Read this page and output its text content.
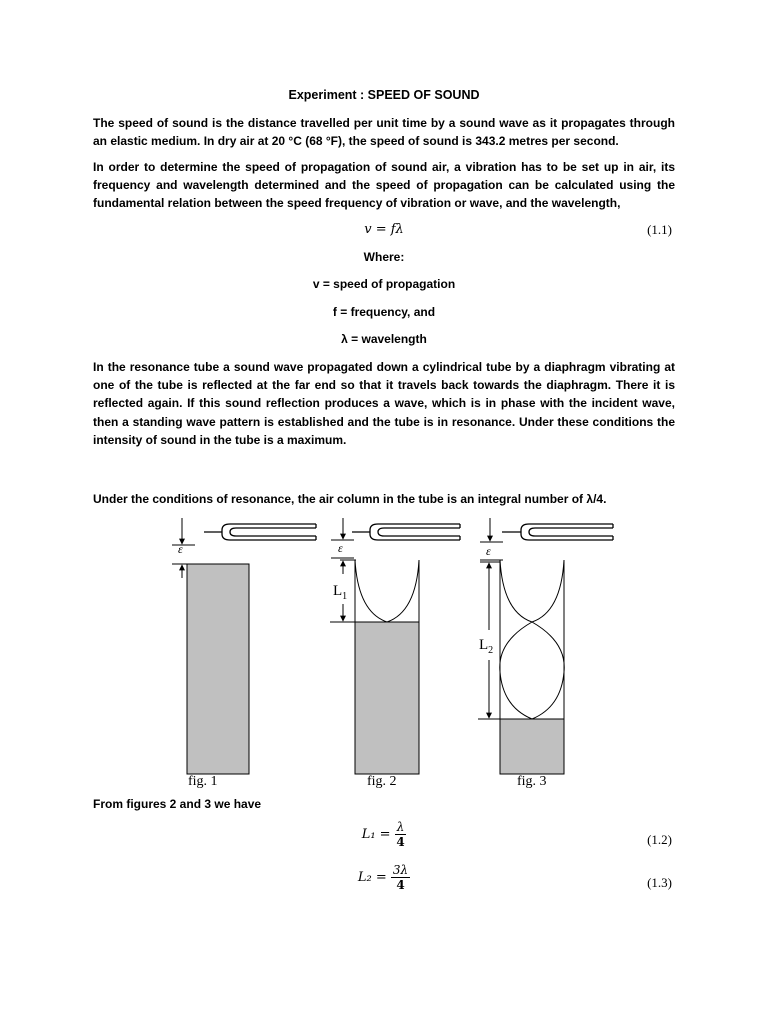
Experiment : SPEED OF SOUND

The speed of sound is the distance travelled per unit time by a sound wave as it propagates through an elastic medium. In dry air at 20 °C (68 °F), the speed of sound is 343.2 metres per second.

In order to determine the speed of propagation of sound air, a vibration has to be set up in air, its frequency and wavelength determined and the speed of propagation can be calculated using the fundamental relation between the speed frequency of vibration or wave, and the wavelength,

v = fλ	(1.1)
Where:
v = speed of propagation
f = frequency, and
λ = wavelength

In the resonance tube a sound wave propagated down a cylindrical tube by a diaphragm vibrating at one of the tube is reflected at the far end so that it travels back towards the diaphragm. There it is reflected again. If this sound reflection produces a wave, which is in phase with the incident wave, then a standing wave pattern is established and the tube is in resonance. Under these conditions the intensity of sound in the tube is a maximum.

Under the conditions of resonance, the air column in the tube is an integral number of λ/4.

ε
fig. 1
ε
$L_1$
fig. 2
ε
$L_2$
fig. 3

From figures 2 and 3 we have

$L_1 = \frac{\lambda}{4}$	(1.2)
$L_2 = \frac{3\lambda}{4}$	(1.3)
